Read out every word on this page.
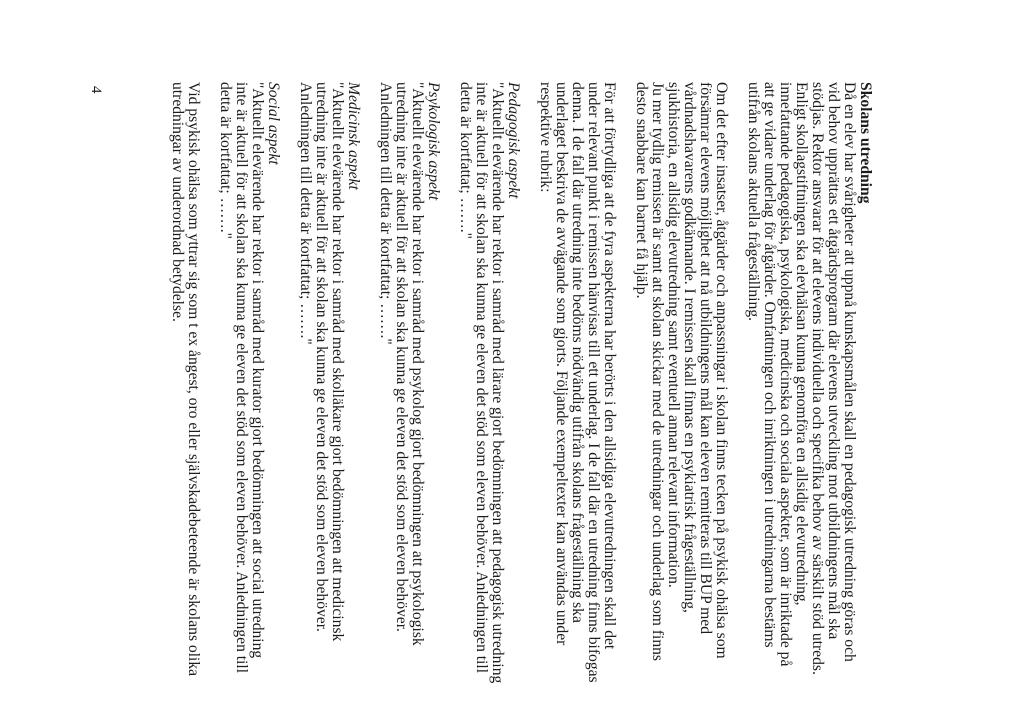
Skolans utredning

Då en elev har svårigheter att uppnå kunskapsmålen skall en pedagogisk utredning göras och vid behov upprättas ett åtgärdsprogram där elevens utveckling mot utbildningens mål ska stödjas. Rektor ansvarar för att elevens individuella och specifika behov av särskilt stöd utreds.

Enligt skollagstiftningen ska elevhälsan kunna genomföra en allsidig elevutredning, innefattande pedagogiska, psykologiska, medicinska och sociala aspekter, som är inriktade på att ge vidare underlag för åtgärder. Omfattningen och inriktningen i utredningarna bestäms utifrån skolans aktuella frågeställning.

Om det efter insatser, åtgärder och anpassningar i skolan finns tecken på psykisk ohälsa som försämrar elevens möjlighet att nå utbildningens mål kan eleven remitteras till BUP med vårdnadshavarens godkännande. I remissen skall finnas en psykiatrisk frågeställning, sjukhistoria, en allsidig elevutredning samt eventuell annan relevant information.

Ju mer tydlig remissen är samt att skolan skickar med de utredningar och underlag som finns desto snabbare kan barnet få hjälp.

För att förtydliga att de fyra aspekterna har berörts i den allsidiga elevutredningen skall det under relevant punkt i remissen hänvisas till ett underlag. I de fall där en utredning finns bifogas denna. I de fall där utredning inte bedöms nödvändig utifrån skolans frågeställning ska underlaget beskriva de avvägande som gjorts. Följande exempeltexter kan användas under respektive rubrik:

Pedagogisk aspekt

"Aktuellt elevärende har rektor i samråd med lärare gjort bedömningen att pedagogisk utredning inte är aktuell för att skolan ska kunna ge eleven det stöd som eleven behöver. Anledningen till detta är kortfattat; ……."

Psykologisk aspekt

"Aktuellt elevärende har rektor i samråd med psykolog gjort bedömningen att psykologisk utredning inte är aktuell för att skolan ska kunna ge eleven det stöd som eleven behöver. Anledningen till detta är kortfattat; ……."

Medicinsk aspekt

"Aktuellt elevärende har rektor i samråd med skolläkare gjort bedömningen att medicinsk utredning inte är aktuell för att skolan ska kunna ge eleven det stöd som eleven behöver. Anledningen till detta är kortfattat; ……."

Social aspekt

"Aktuellt elevärende har rektor i samråd med kurator gjort bedömningen att social utredning inte är aktuell för att skolan ska kunna ge eleven det stöd som eleven behöver. Anledningen till detta är kortfattat; ……."

Vid psykisk ohälsa som yttrar sig som t ex ångest, oro eller självskadebeteende är skolans olika utredningar av underordnad betydelse.

4
